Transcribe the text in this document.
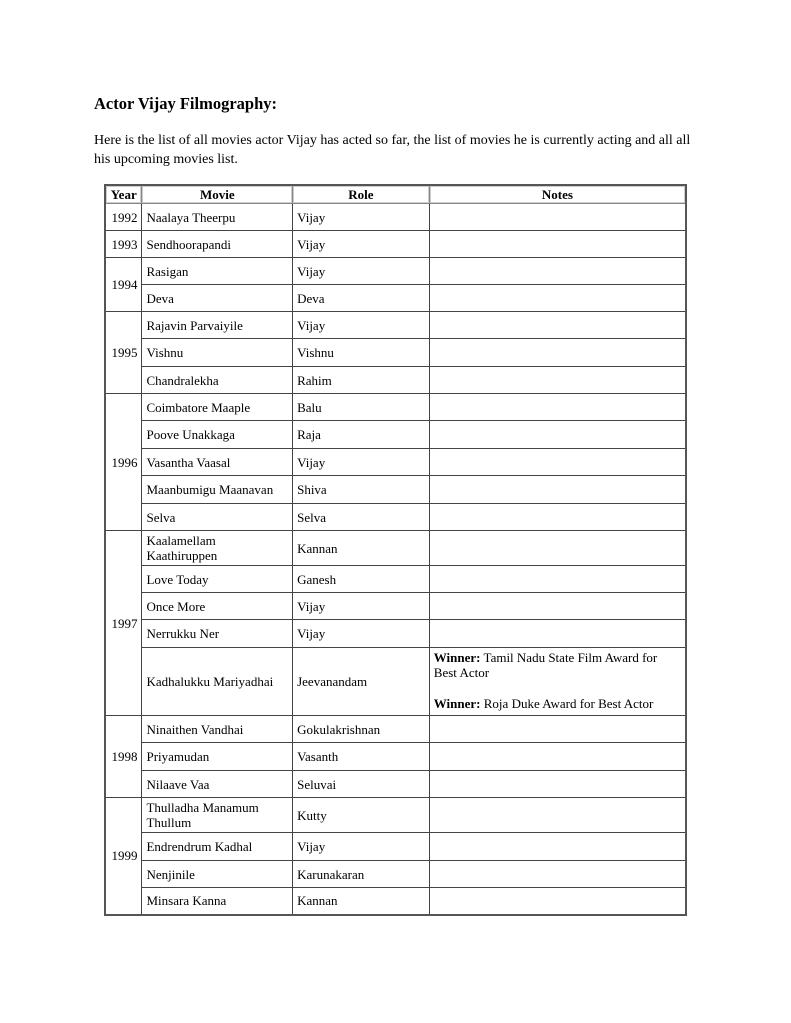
Actor Vijay Filmography:

Here is the list of all movies actor Vijay has acted so far, the list of movies he is currently acting and all all his upcoming movies list.

Year	Movie	Role	Notes
1992	Naalaya Theerpu	Vijay	
1993	Sendhoorapandi	Vijay	
1994	Rasigan	Vijay	
	Deva	Deva	
1995	Rajavin Parvaiyile	Vijay	
	Vishnu	Vishnu	
	Chandralekha	Rahim	
1996	Coimbatore Maaple	Balu	
	Poove Unakkaga	Raja	
	Vasantha Vaasal	Vijay	
	Maanbumigu Maanavan	Shiva	
	Selva	Selva	
1997	Kaalamellam Kaathiruppen	Kannan	
	Love Today	Ganesh	
	Once More	Vijay	
	Nerrukku Ner	Vijay	
	Kadhalukku Mariyadhai	Jeevanandam	Winner: Tamil Nadu State Film Award for Best Actor
Winner: Roja Duke Award for Best Actor

1998	Ninaithen Vandhai	Gokulakrishnan	
	Priyamudan	Vasanth	
	Nilaave Vaa	Seluvai	
1999	Thulladha Manamum Thullum	Kutty	
	Endrendrum Kadhal	Vijay	
	Nenjinile	Karunakaran	
	Minsara Kanna	Kannan	
